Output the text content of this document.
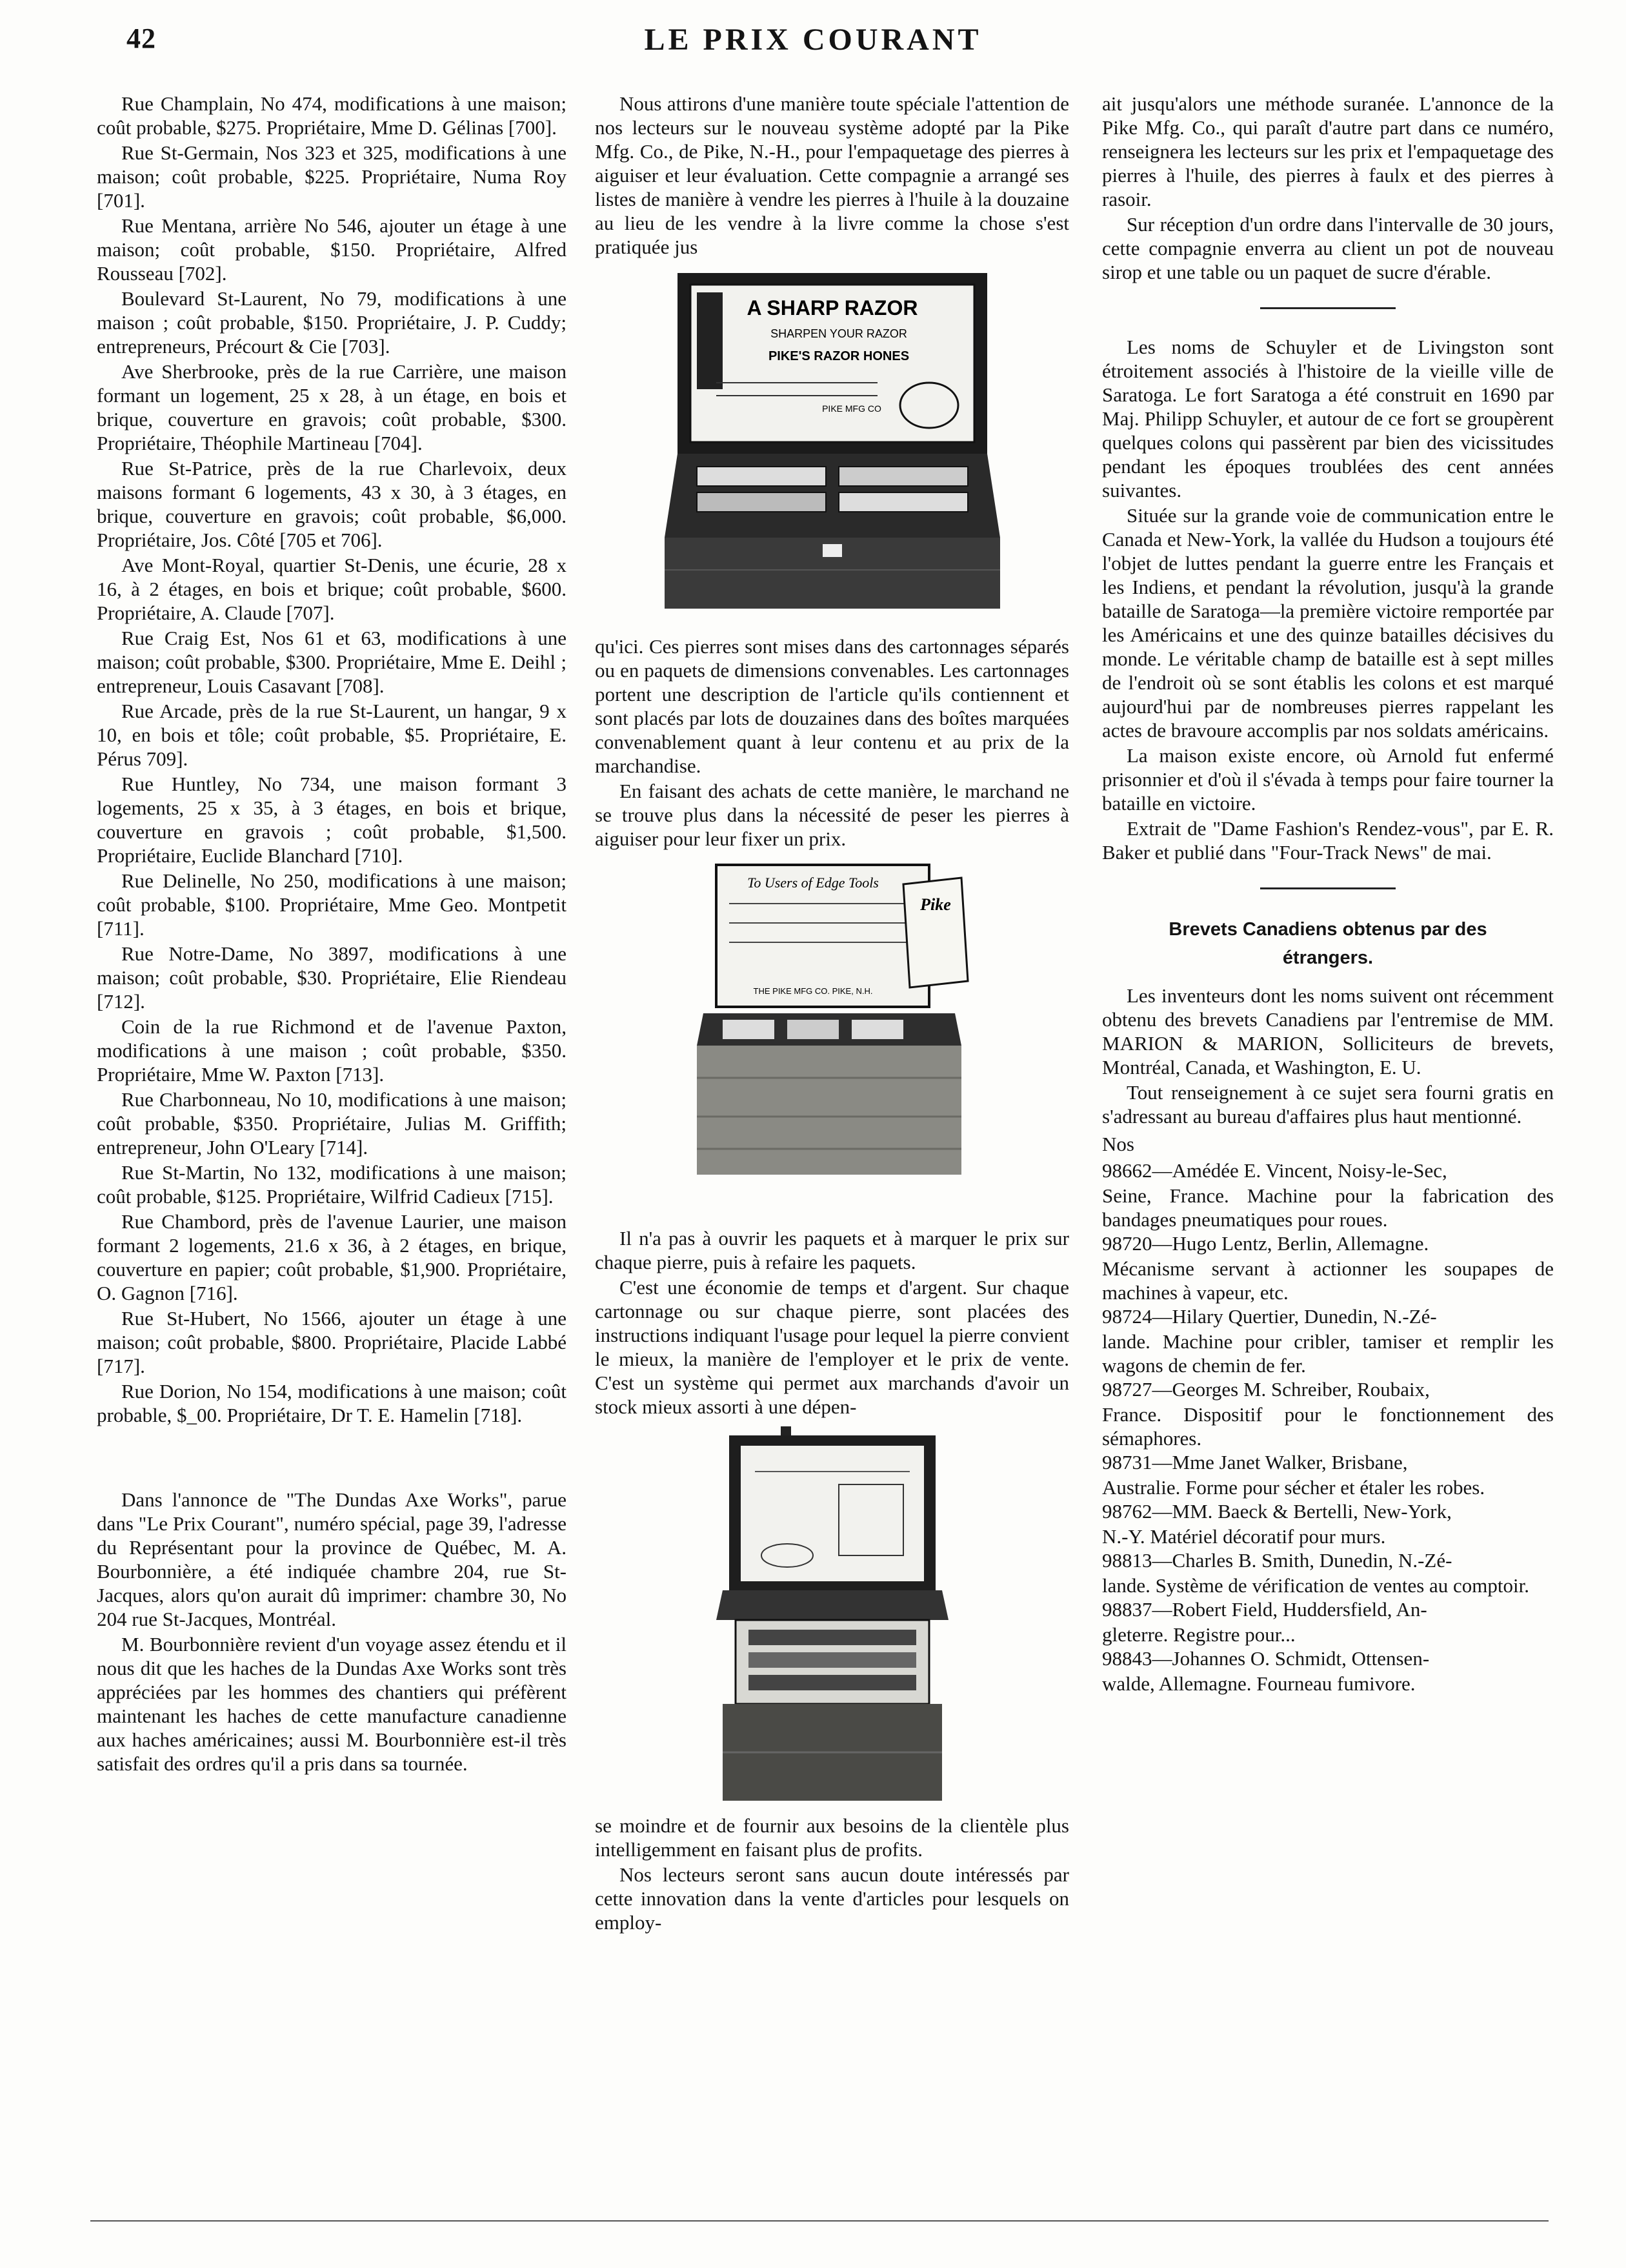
42	LE PRIX COURANT

Rue Champlain, No 474, modifications à une maison; coût probable, $275. Propriétaire, Mme D. Gélinas [700].

Rue St-Germain, Nos 323 et 325, modifications à une maison; coût probable, $225. Propriétaire, Numa Roy [701].

Rue Mentana, arrière No 546, ajouter un étage à une maison; coût probable, $150. Propriétaire, Alfred Rousseau [702].

Boulevard St-Laurent, No 79, modifications à une maison ; coût probable, $150. Propriétaire, J. P. Cuddy; entrepreneurs, Précourt & Cie [703].

Ave Sherbrooke, près de la rue Carrière, une maison formant un logement, 25 x 28, à un étage, en bois et brique, couverture en gravois; coût probable, $300. Propriétaire, Théophile Martineau [704].

Rue St-Patrice, près de la rue Charlevoix, deux maisons formant 6 logements, 43 x 30, à 3 étages, en brique, couverture en gravois; coût probable, $6,000. Propriétaire, Jos. Côté [705 et 706].

Ave Mont-Royal, quartier St-Denis, une écurie, 28 x 16, à 2 étages, en bois et brique; coût probable, $600. Propriétaire, A. Claude [707].

Rue Craig Est, Nos 61 et 63, modifications à une maison; coût probable, $300. Propriétaire, Mme E. Deihl ; entrepreneur, Louis Casavant [708].

Rue Arcade, près de la rue St-Laurent, un hangar, 9 x 10, en bois et tôle; coût probable, $5. Propriétaire, E. Pérus 709].

Rue Huntley, No 734, une maison formant 3 logements, 25 x 35, à 3 étages, en bois et brique, couverture en gravois ; coût probable, $1,500. Propriétaire, Euclide Blanchard [710].

Rue Delinelle, No 250, modifications à une maison; coût probable, $100. Propriétaire, Mme Geo. Montpetit [711].

Rue Notre-Dame, No 3897, modifications à une maison; coût probable, $30. Propriétaire, Elie Riendeau [712].

Coin de la rue Richmond et de l'avenue Paxton, modifications à une maison ; coût probable, $350. Propriétaire, Mme W. Paxton [713].

Rue Charbonneau, No 10, modifications à une maison; coût probable, $350. Propriétaire, Julias M. Griffith; entrepreneur, John O'Leary [714].

Rue St-Martin, No 132, modifications à une maison; coût probable, $125. Propriétaire, Wilfrid Cadieux [715].

Rue Chambord, près de l'avenue Laurier, une maison formant 2 logements, 21.6 x 36, à 2 étages, en brique, couverture en papier; coût probable, $1,900. Propriétaire, O. Gagnon [716].

Rue St-Hubert, No 1566, ajouter un étage à une maison; coût probable, $800. Propriétaire, Placide Labbé [717].

Rue Dorion, No 154, modifications à une maison; coût probable, $_00. Propriétaire, Dr T. E. Hamelin [718].

Dans l'annonce de "The Dundas Axe Works", parue dans "Le Prix Courant", numéro spécial, page 39, l'adresse du Représentant pour la province de Québec, M. A. Bourbonnière, a été indiquée chambre 204, rue St-Jacques, alors qu'on aurait dû imprimer: chambre 30, No 204 rue St-Jacques, Montréal.

M. Bourbonnière revient d'un voyage assez étendu et il nous dit que les haches de la Dundas Axe Works sont très appréciées par les hommes des chantiers qui préfèrent maintenant les haches de cette manufacture canadienne aux haches américaines; aussi M. Bourbonnière est-il très satisfait des ordres qu'il a pris dans sa tournée.

Nous attirons d'une manière toute spéciale l'attention de nos lecteurs sur le nouveau système adopté par la Pike Mfg. Co., de Pike, N.-H., pour l'empaquetage des pierres à aiguiser et leur évaluation. Cette compagnie a arrangé ses listes de manière à vendre les pierres à l'huile à la douzaine au lieu de les vendre à la livre comme la chose s'est pratiquée jus

A SHARP RAZOR
SHARPEN YOUR RAZOR
PIKE'S RAZOR HONES
PIKE MFG CO

qu'ici. Ces pierres sont mises dans des cartonnages séparés ou en paquets de dimensions convenables. Les cartonnages portent une description de l'article qu'ils contiennent et sont placés par lots de douzaines dans des boîtes marquées convenablement quant à leur contenu et au prix de la marchandise.

En faisant des achats de cette manière, le marchand ne se trouve plus dans la nécessité de peser les pierres à aiguiser pour leur fixer un prix.

To Users of Edge Tools
THE PIKE MFG CO. PIKE, N.H.
Pike

Il n'a pas à ouvrir les paquets et à marquer le prix sur chaque pierre, puis à refaire les paquets.

C'est une économie de temps et d'argent. Sur chaque cartonnage ou sur chaque pierre, sont placées des instructions indiquant l'usage pour lequel la pierre convient le mieux, la manière de l'employer et le prix de vente. C'est un système qui permet aux marchands d'avoir un stock mieux assorti à une dépen-

se moindre et de fournir aux besoins de la clientèle plus intelligemment en faisant plus de profits.

Nos lecteurs seront sans aucun doute intéressés par cette innovation dans la vente d'articles pour lesquels on employ-

ait jusqu'alors une méthode suranée. L'annonce de la Pike Mfg. Co., qui paraît d'autre part dans ce numéro, renseignera les lecteurs sur les prix et l'empaquetage des pierres à l'huile, des pierres à faulx et des pierres à rasoir.

Sur réception d'un ordre dans l'intervalle de 30 jours, cette compagnie enverra au client un pot de nouveau sirop et une table ou un paquet de sucre d'érable.

Les noms de Schuyler et de Livingston sont étroitement associés à l'histoire de la vieille ville de Saratoga. Le fort Saratoga a été construit en 1690 par Maj. Philipp Schuyler, et autour de ce fort se groupèrent quelques colons qui passèrent par bien des vicissitudes pendant les époques troublées des cent années suivantes.

Située sur la grande voie de communication entre le Canada et New-York, la vallée du Hudson a toujours été l'objet de luttes pendant la guerre entre les Français et les Indiens, et pendant la révolution, jusqu'à la grande bataille de Saratoga—la première victoire remportée par les Américains et une des quinze batailles décisives du monde. Le véritable champ de bataille est à sept milles de l'endroit où se sont établis les colons et est marqué aujourd'hui par de nombreuses pierres rappelant les actes de bravoure accomplis par nos soldats américains.

La maison existe encore, où Arnold fut enfermé prisonnier et d'où il s'évada à temps pour faire tourner la bataille en victoire.

Extrait de "Dame Fashion's Rendez-vous", par E. R. Baker et publié dans "Four-Track News" de mai.

Brevets Canadiens obtenus par des
étrangers.

Les inventeurs dont les noms suivent ont récemment obtenu des brevets Canadiens par l'entremise de MM. MARION & MARION, Solliciteurs de brevets, Montréal, Canada, et Washington, E. U.

Tout renseignement à ce sujet sera fourni gratis en s'adressant au bureau d'affaires plus haut mentionné.

Nos
98662— Amédée E. Vincent, Noisy-le-Sec,
Seine, France. Machine pour la fabrication des bandages pneumatiques pour roues.
98720— Hugo Lentz, Berlin, Allemagne.
Mécanisme servant à actionner les soupapes de machines à vapeur, etc.
98724— Hilary Quertier, Dunedin, N.-Zé-
lande. Machine pour cribler, tamiser et remplir les wagons de chemin de fer.
98727— Georges M. Schreiber, Roubaix,
France. Dispositif pour le fonctionnement des sémaphores.
98731— Mme Janet Walker, Brisbane,
Australie. Forme pour sécher et étaler les robes.
98762— MM. Baeck & Bertelli, New-York,
N.-Y. Matériel décoratif pour murs.
98813— Charles B. Smith, Dunedin, N.-Zé-
lande. Système de vérification de ventes au comptoir.
98837— Robert Field, Huddersfield, An-
gleterre. Registre pour...
98843— Johannes O. Schmidt, Ottensen-
walde, Allemagne. Fourneau fumivore.
